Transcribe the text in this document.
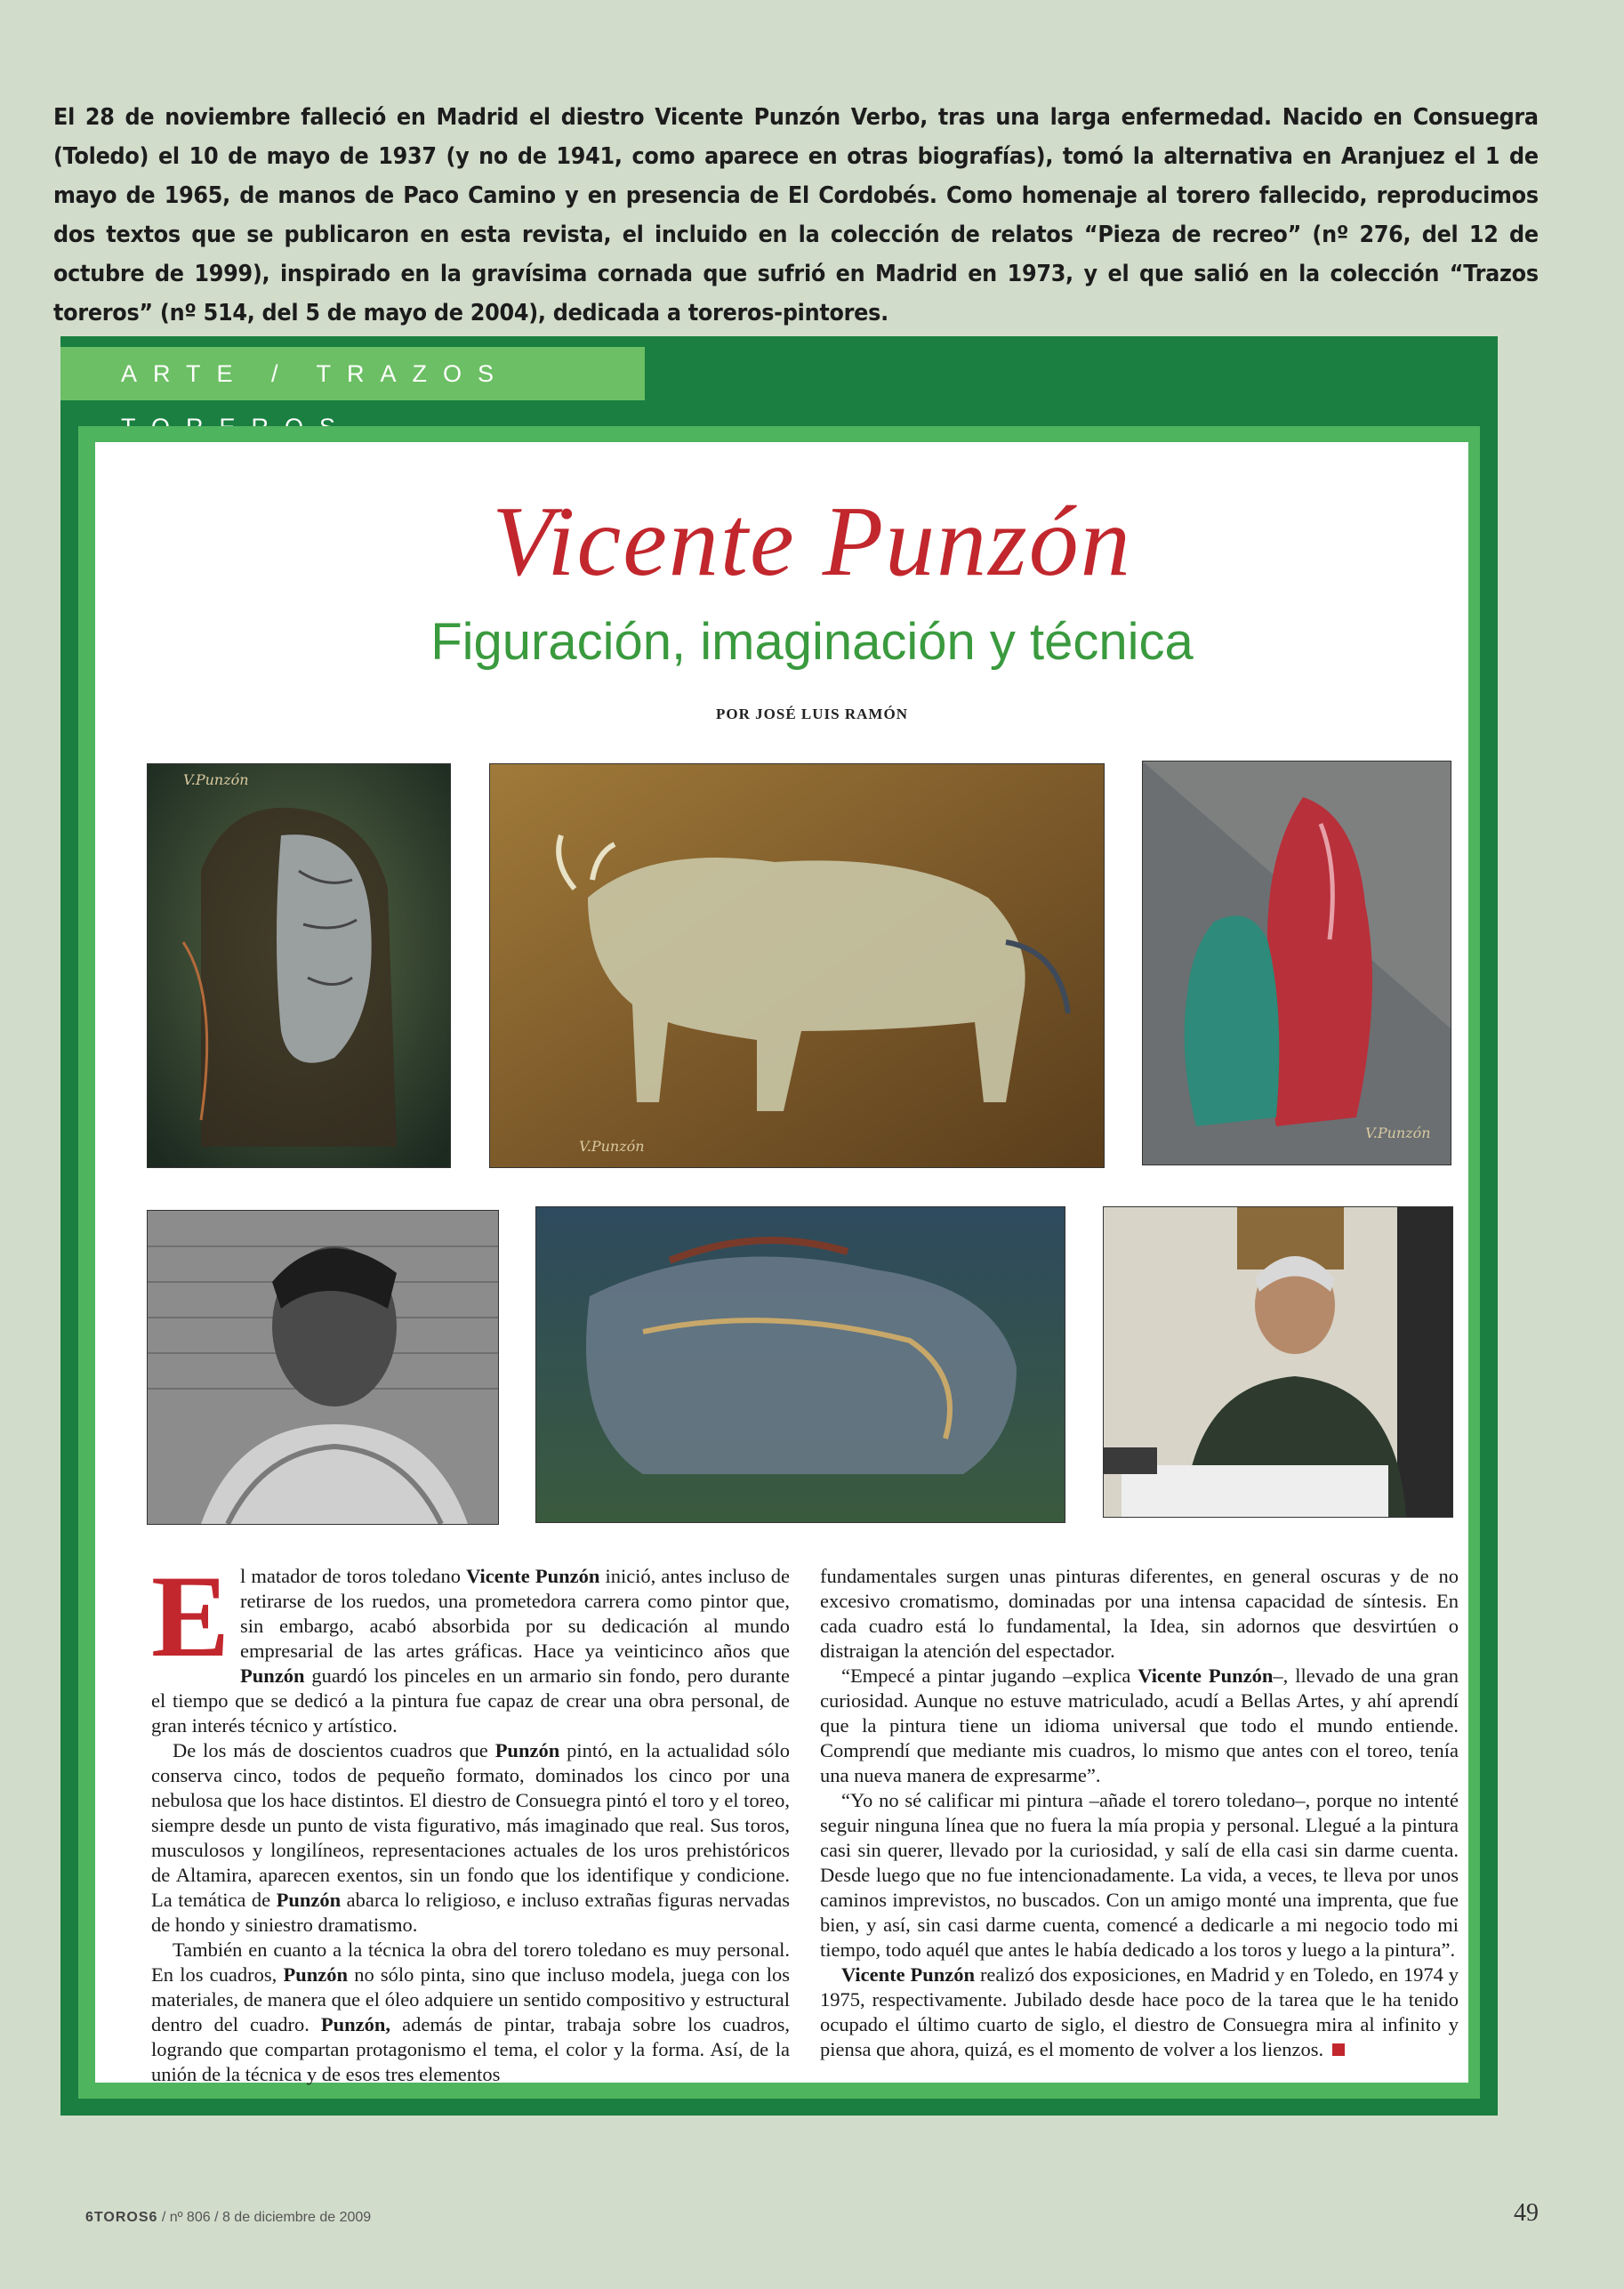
El 28 de noviembre falleció en Madrid el diestro Vicente Punzón Verbo, tras una larga enfermedad. Nacido en Consuegra (Toledo) el 10 de mayo de 1937 (y no de 1941, como aparece en otras biografías), tomó la alternativa en Aranjuez el 1 de mayo de 1965, de manos de Paco Camino y en presencia de El Cordobés. Como homenaje al torero fallecido, reproducimos dos textos que se publicaron en esta revista, el incluido en la colección de relatos “Pieza de recreo” (nº 276, del 12 de octubre de 1999), inspirado en la gravísima cornada que sufrió en Madrid en 1973, y el que salió en la colección “Trazos toreros” (nº 514, del 5 de mayo de 2004), dedicada a toreros-pintores.

ARTE / TRAZOS
Vicente Punzón
Figuración, imaginación y técnica
POR JOSÉ LUIS RAMÓN
V.Punzón
V.Punzón
V.Punzón
E l matador de toros toledano Vicente Punzón inició, antes incluso de retirarse de los ruedos, una prometedora carrera como pintor que, sin embargo, acabó absorbida por su dedicación al mundo empresarial de las artes gráficas. Hace ya veinticinco años que Punzón guardó los pinceles en un armario sin fondo, pero durante el tiempo que se dedicó a la pintura fue capaz de crear una obra personal, de gran interés técnico y artístico.

De los más de doscientos cuadros que Punzón pintó, en la actualidad sólo conserva cinco, todos de pequeño formato, dominados los cinco por una nebulosa que los hace distintos. El diestro de Consuegra pintó el toro y el toreo, siempre desde un punto de vista figurativo, más imaginado que real. Sus toros, musculosos y longilíneos, representaciones actuales de los uros prehistóricos de Altamira, aparecen exentos, sin un fondo que los identifique y condicione. La temática de Punzón abarca lo religioso, e incluso extrañas figuras nervadas de hondo y siniestro dramatismo.

También en cuanto a la técnica la obra del torero toledano es muy personal. En los cuadros, Punzón no sólo pinta, sino que incluso modela, juega con los materiales, de manera que el óleo adquiere un sentido compositivo y estructural dentro del cuadro. Punzón, además de pintar, trabaja sobre los cuadros, logrando que compartan protagonismo el tema, el color y la forma. Así, de la unión de la técnica y de esos tres elementos

fundamentales surgen unas pinturas diferentes, en general oscuras y de no excesivo cromatismo, dominadas por una intensa capacidad de síntesis. En cada cuadro está lo fundamental, la Idea, sin adornos que desvirtúen o distraigan la atención del espectador.

“Empecé a pintar jugando –explica Vicente Punzón–, llevado de una gran curiosidad. Aunque no estuve matriculado, acudí a Bellas Artes, y ahí aprendí que la pintura tiene un idioma universal que todo el mundo entiende. Comprendí que mediante mis cuadros, lo mismo que antes con el toreo, tenía una nueva manera de expresarme”.

“Yo no sé calificar mi pintura –añade el torero toledano–, porque no intenté seguir ninguna línea que no fuera la mía propia y personal. Llegué a la pintura casi sin querer, llevado por la curiosidad, y salí de ella casi sin darme cuenta. Desde luego que no fue intencionadamente. La vida, a veces, te lleva por unos caminos imprevistos, no buscados. Con un amigo monté una imprenta, que fue bien, y así, sin casi darme cuenta, comencé a dedicarle a mi negocio todo mi tiempo, todo aquél que antes le había dedicado a los toros y luego a la pintura”.

Vicente Punzón realizó dos exposiciones, en Madrid y en Toledo, en 1974 y 1975, respectivamente. Jubilado desde hace poco de la tarea que le ha tenido ocupado el último cuarto de siglo, el diestro de Consuegra mira al infinito y piensa que ahora, quizá, es el momento de volver a los lienzos.

6TOROS6 / nº 806 / 8 de diciembre de 2009	49
